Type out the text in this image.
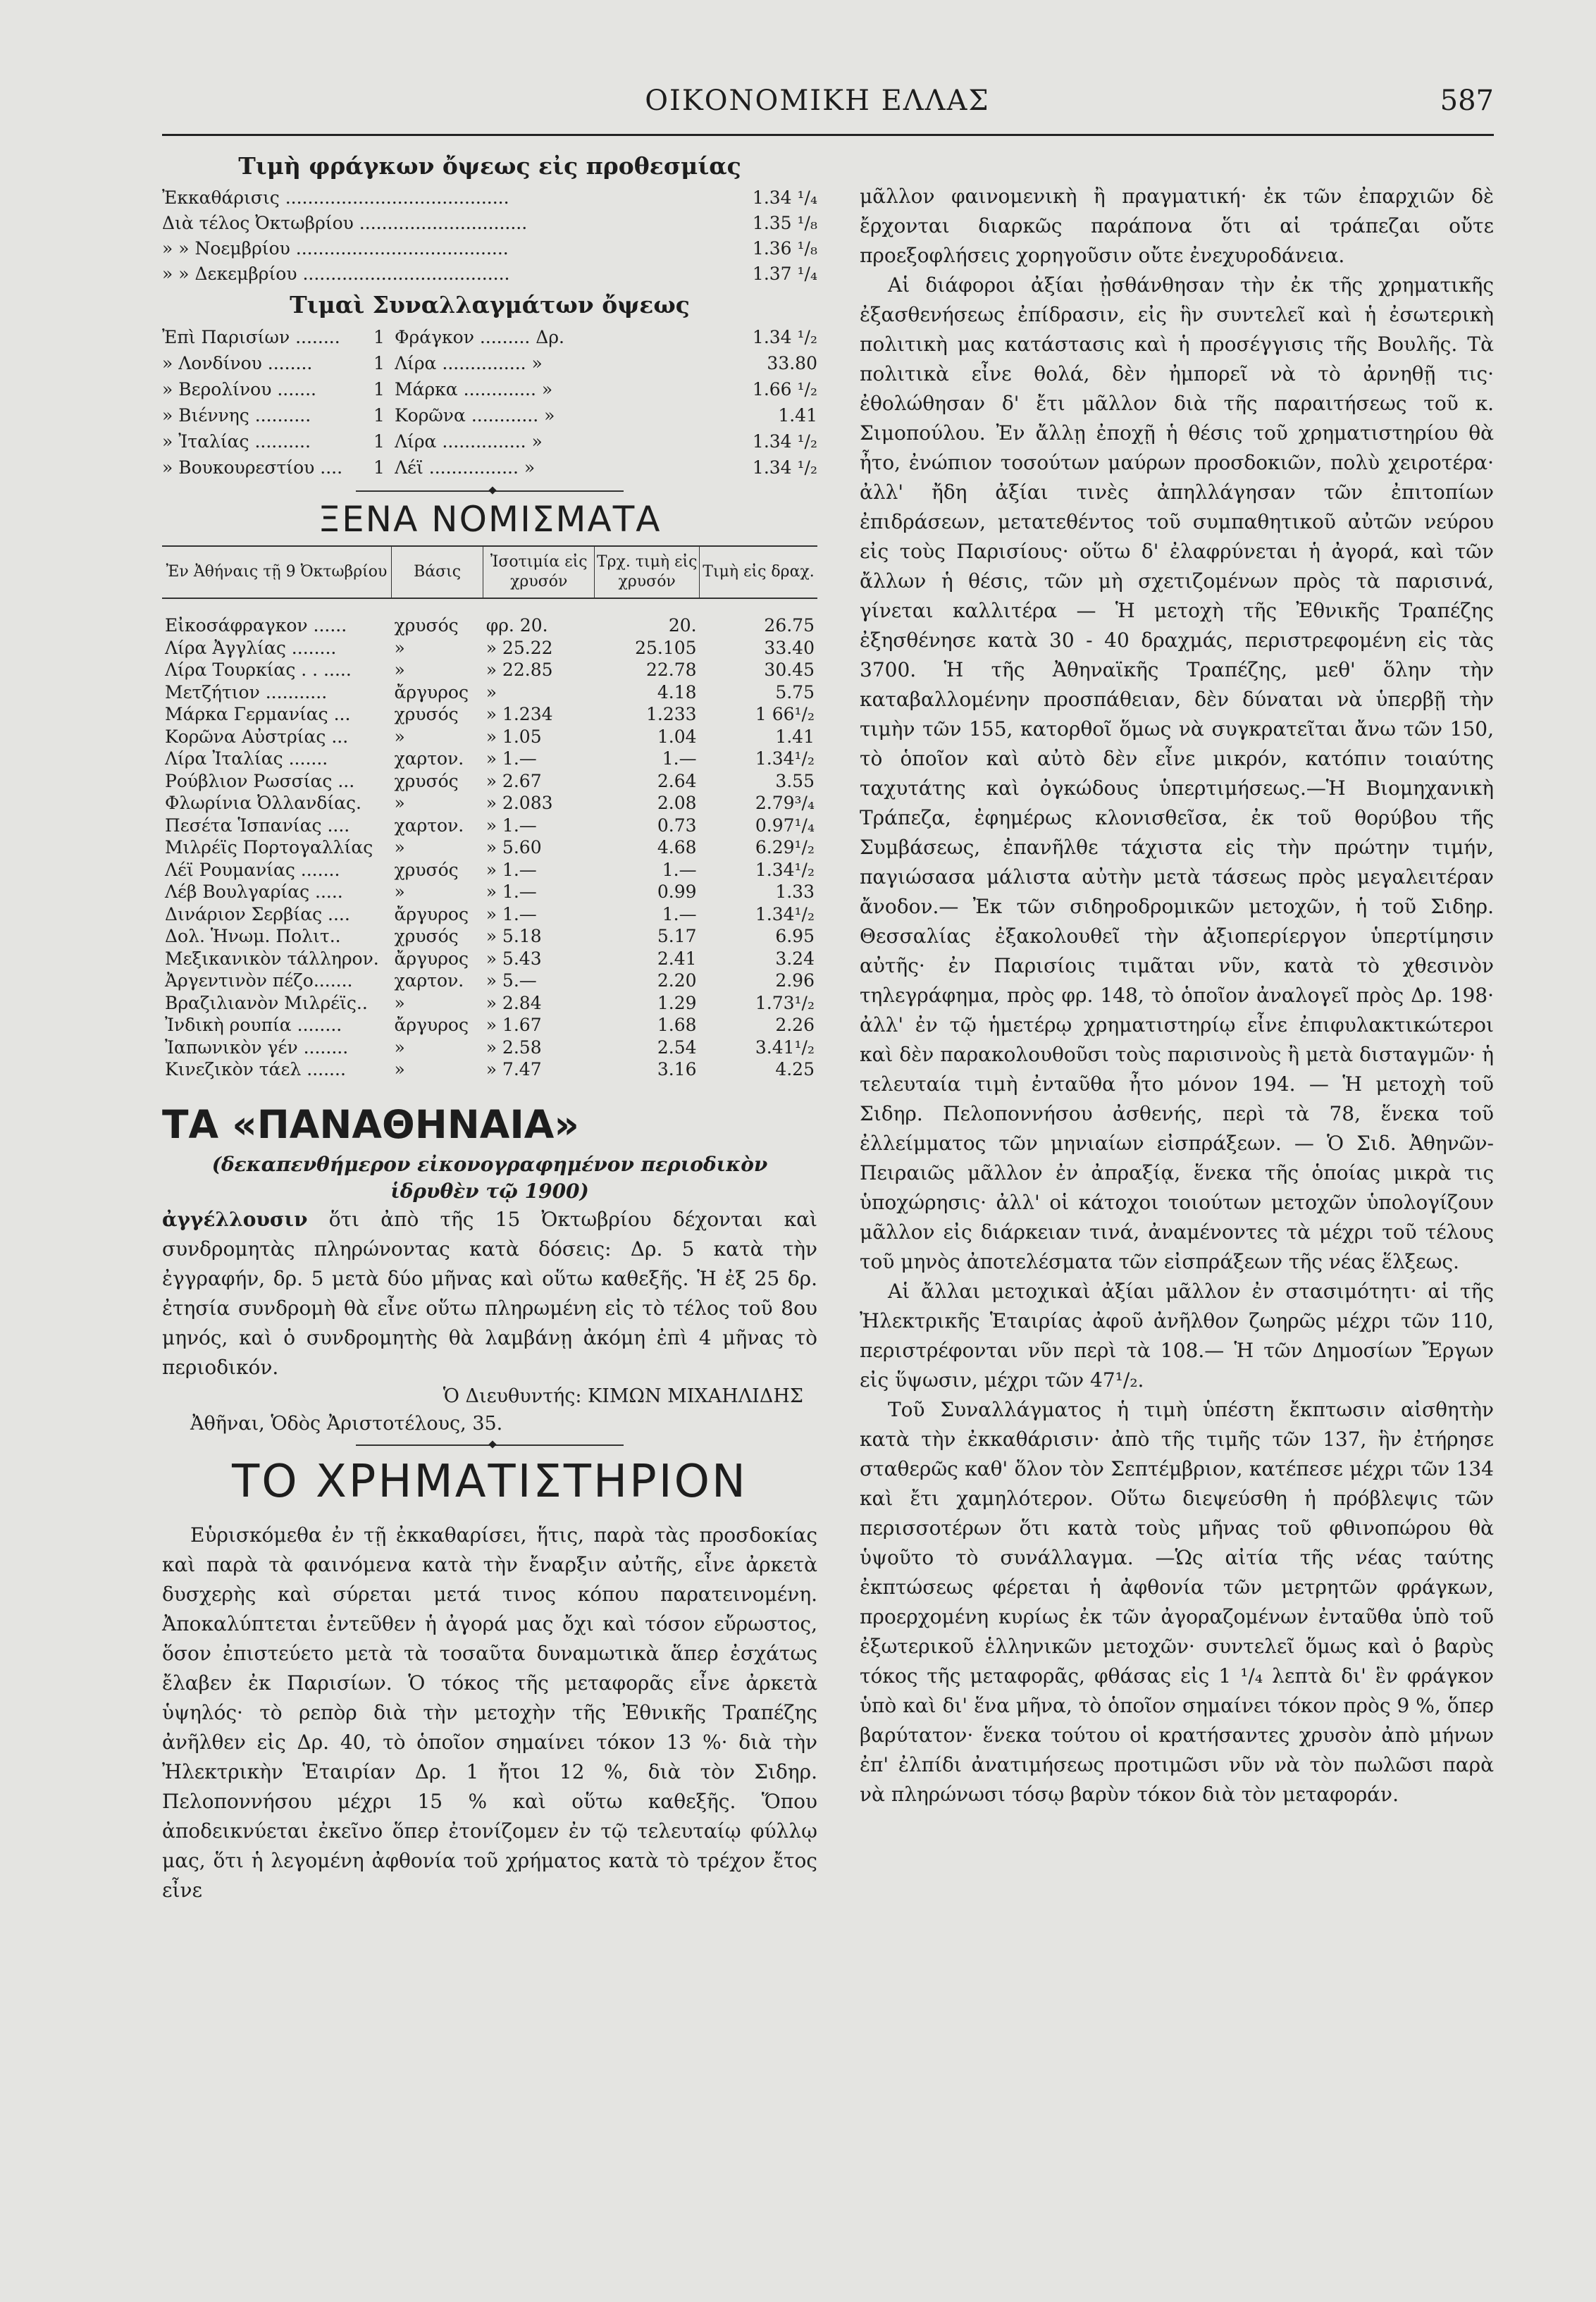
ΟΙΚΟΝΟΜΙΚΗ ΕΛΛΑΣ	587
Τιμὴ φράγκων ὄψεως εἰς προθεσμίας
Ἐκκαθάρισις ........................................	1.34 ¹/₄
Διὰ τέλος Ὀκτωβρίου ..............................	1.35 ¹/₈
» » Νοεμβρίου ......................................	1.36 ¹/₈
» » Δεκεμβρίου .....................................	1.37 ¹/₄
Τιμαὶ Συναλλαγμάτων ὄψεως
Ἐπὶ Παρισίων ........	1 Φράγκον ......... Δρ.	1.34 ¹/₂
» Λονδίνου ........	1 Λίρα ............... »	33.80
» Βερολίνου .......	1 Μάρκα ............. »	1.66 ¹/₂
» Βιέννης ..........	1 Κορῶνα ............ »	1.41
» Ἰταλίας ..........	1 Λίρα ............... »	1.34 ¹/₂
» Βουκουρεστίου ....	1 Λέϊ ................ »	1.34 ¹/₂
ΞΕΝΑ ΝΟΜΙΣΜΑΤΑ
Ἐν Ἀθήναις τῇ 9 Ὀκτωβρίου	Βάσις	Ἰσοτιμία εἰς χρυσόν	Τρχ. τιμὴ εἰς χρυσόν	Τιμὴ εἰς δραχ.
Εἰκοσάφραγκον ......	χρυσός	φρ. 20.	20.	26.75
Λίρα Ἀγγλίας ........	»	» 25.22	25.105	33.40
Λίρα Τουρκίας . . .....	»	» 22.85	22.78	30.45
Μετζήτιον ...........	ἄργυρος	»	4.18	5.75
Μάρκα Γερμανίας ...	χρυσός	» 1.234	1.233	1 66¹/₂
Κορῶνα Αὐστρίας ...	»	» 1.05	1.04	1.41
Λίρα Ἰταλίας .......	χαρτον.	» 1.—	1.—	1.34¹/₂
Ρούβλιον Ρωσσίας ...	χρυσός	» 2.67	2.64	3.55
Φλωρίνια Ὀλλανδίας.	»	» 2.083	2.08	2.79³/₄
Πεσέτα Ἱσπανίας ....	χαρτον.	» 1.—	0.73	0.97¹/₄
Μιλρέϊς Πορτογαλλίας	»	» 5.60	4.68	6.29¹/₂
Λέϊ Ρουμανίας .......	χρυσός	» 1.—	1.—	1.34¹/₂
Λέβ Βουλγαρίας .....	»	» 1.—	0.99	1.33
Δινάριον Σερβίας ....	ἄργυρος	» 1.—	1.—	1.34¹/₂
Δολ. Ἡνωμ. Πολιτ..	χρυσός	» 5.18	5.17	6.95
Μεξικανικὸν τάλληρον.	ἄργυρος	» 5.43	2.41	3.24
Ἀργεντινὸν πέζο.......	χαρτον.	» 5.—	2.20	2.96
Βραζιλιανὸν Μιλρέϊς..	»	» 2.84	1.29	1.73¹/₂
Ἰνδικὴ ρουπία ........	ἄργυρος	» 1.67	1.68	2.26
Ἰαπωνικὸν γέν ........	»	» 2.58	2.54	3.41¹/₂
Κινεζικὸν τάελ .......	»	» 7.47	3.16	4.25
ΤΑ «ΠΑΝΑΘΗΝΑΙΑ»
(δεκαπενθήμερον εἰκονογραφημένον περιοδικὸν
ἱδρυθὲν τῷ 1900)

ἀγγέλλουσιν ὅτι ἀπὸ τῆς 15 Ὀκτωβρίου δέχονται καὶ συνδρομητὰς πληρώνοντας κατὰ δόσεις: Δρ. 5 κατὰ τὴν ἐγγραφήν, δρ. 5 μετὰ δύο μῆνας καὶ οὕτω καθεξῆς. Ἡ ἐξ 25 δρ. ἐτησία συνδρομὴ θὰ εἶνε οὕτω πληρωμένη εἰς τὸ τέλος τοῦ 8ου μηνός, καὶ ὁ συνδρομητὴς θὰ λαμβάνῃ ἀκόμη ἐπὶ 4 μῆνας τὸ περιοδικόν.

Ὁ Διευθυντής: ΚΙΜΩΝ ΜΙΧΑΗΛΙΔΗΣ
Ἀθῆναι, Ὁδὸς Ἀριστοτέλους, 35.
ΤΟ ΧΡΗΜΑΤΙΣΤΗΡΙΟΝ

Εὑρισκόμεθα ἐν τῇ ἐκκαθαρίσει, ἥτις, παρὰ τὰς προσδοκίας καὶ παρὰ τὰ φαινόμενα κατὰ τὴν ἔναρξιν αὐτῆς, εἶνε ἀρκετὰ δυσχερὴς καὶ σύρεται μετά τινος κόπου παρατεινομένη. Ἀποκαλύπτεται ἐντεῦθεν ἡ ἀγορά μας ὄχι καὶ τόσον εὔρωστος, ὅσον ἐπιστεύετο μετὰ τὰ τοσαῦτα δυναμωτικὰ ἅπερ ἐσχάτως ἔλαβεν ἐκ Παρισίων. Ὁ τόκος τῆς μεταφορᾶς εἶνε ἀρκετὰ ὑψηλός· τὸ ρεπὸρ διὰ τὴν μετοχὴν τῆς Ἐθνικῆς Τραπέζης ἀνῆλθεν εἰς Δρ. 40, τὸ ὁποῖον σημαίνει τόκον 13 %· διὰ τὴν Ἠλεκτρικὴν Ἑταιρίαν Δρ. 1 ἤτοι 12 %, διὰ τὸν Σιδηρ. Πελοποννήσου μέχρι 15 % καὶ οὕτω καθεξῆς. Ὅπου ἀποδεικνύεται ἐκεῖνο ὅπερ ἐτονίζομεν ἐν τῷ τελευταίῳ φύλλῳ μας, ὅτι ἡ λεγομένη ἀφθονία τοῦ χρήματος κατὰ τὸ τρέχον ἔτος εἶνε

μᾶλλον φαινομενικὴ ἢ πραγματική· ἐκ τῶν ἐπαρχιῶν δὲ ἔρχονται διαρκῶς παράπονα ὅτι αἱ τράπεζαι οὔτε προεξοφλήσεις χορηγοῦσιν οὔτε ἐνεχυροδάνεια.

Αἱ διάφοροι ἀξίαι ᾐσθάνθησαν τὴν ἐκ τῆς χρηματικῆς ἐξασθενήσεως ἐπίδρασιν, εἰς ἣν συντελεῖ καὶ ἡ ἐσωτερικὴ πολιτικὴ μας κατάστασις καὶ ἡ προσέγγισις τῆς Βουλῆς. Τὰ πολιτικὰ εἶνε θολά, δὲν ἠμπορεῖ νὰ τὸ ἀρνηθῇ τις· ἐθολώθησαν δ' ἔτι μᾶλλον διὰ τῆς παραιτήσεως τοῦ κ. Σιμοπούλου. Ἐν ἄλλῃ ἐποχῇ ἡ θέσις τοῦ χρηματιστηρίου θὰ ἦτο, ἐνώπιον τοσούτων μαύρων προσδοκιῶν, πολὺ χειροτέρα· ἀλλ' ἤδη ἀξίαι τινὲς ἀπηλλάγησαν τῶν ἐπιτοπίων ἐπιδράσεων, μετατεθέντος τοῦ συμπαθητικοῦ αὐτῶν νεύρου εἰς τοὺς Παρισίους· οὕτω δ' ἐλαφρύνεται ἡ ἀγορά, καὶ τῶν ἄλλων ἡ θέσις, τῶν μὴ σχετιζομένων πρὸς τὰ παρισινά, γίνεται καλλιτέρα — Ἡ μετοχὴ τῆς Ἐθνικῆς Τραπέζης ἐξησθένησε κατὰ 30 - 40 δραχμάς, περιστρεφομένη εἰς τὰς 3700. Ἡ τῆς Ἀθηναϊκῆς Τραπέζης, μεθ' ὅλην τὴν καταβαλλομένην προσπάθειαν, δὲν δύναται νὰ ὑπερβῇ τὴν τιμὴν τῶν 155, κατορθοῖ ὅμως νὰ συγκρατεῖται ἄνω τῶν 150, τὸ ὁποῖον καὶ αὐτὸ δὲν εἶνε μικρόν, κατόπιν τοιαύτης ταχυτάτης καὶ ὀγκώδους ὑπερτιμήσεως.—Ἡ Βιομηχανικὴ Τράπεζα, ἐφημέρως κλονισθεῖσα, ἐκ τοῦ θορύβου τῆς Συμβάσεως, ἐπανῆλθε τάχιστα εἰς τὴν πρώτην τιμήν, παγιώσασα μάλιστα αὐτὴν μετὰ τάσεως πρὸς μεγαλειτέραν ἄνοδον.— Ἐκ τῶν σιδηροδρομικῶν μετοχῶν, ἡ τοῦ Σιδηρ. Θεσσαλίας ἐξακολουθεῖ τὴν ἀξιοπερίεργον ὑπερτίμησιν αὐτῆς· ἐν Παρισίοις τιμᾶται νῦν, κατὰ τὸ χθεσινὸν τηλεγράφημα, πρὸς φρ. 148, τὸ ὁποῖον ἀναλογεῖ πρὸς Δρ. 198· ἀλλ' ἐν τῷ ἡμετέρῳ χρηματιστηρίῳ εἶνε ἐπιφυλακτικώτεροι καὶ δὲν παρακολουθοῦσι τοὺς παρισινοὺς ἢ μετὰ δισταγμῶν· ἡ τελευταία τιμὴ ἐνταῦθα ἦτο μόνον 194. — Ἡ μετοχὴ τοῦ Σιδηρ. Πελοποννήσου ἀσθενής, περὶ τὰ 78, ἕνεκα τοῦ ἐλλείμματος τῶν μηνιαίων εἰσπράξεων. — Ὁ Σιδ. Ἀθηνῶν-Πειραιῶς μᾶλλον ἐν ἀπραξίᾳ, ἕνεκα τῆς ὁποίας μικρὰ τις ὑποχώρησις· ἀλλ' οἱ κάτοχοι τοιούτων μετοχῶν ὑπολογίζουν μᾶλλον εἰς διάρκειαν τινά, ἀναμένοντες τὰ μέχρι τοῦ τέλους τοῦ μηνὸς ἀποτελέσματα τῶν εἰσπράξεων τῆς νέας ἕλξεως.

Αἱ ἄλλαι μετοχικαὶ ἀξίαι μᾶλλον ἐν στασιμότητι· αἱ τῆς Ἠλεκτρικῆς Ἑταιρίας ἀφοῦ ἀνῆλθον ζωηρῶς μέχρι τῶν 110, περιστρέφονται νῦν περὶ τὰ 108.— Ἡ τῶν Δημοσίων Ἔργων εἰς ὕψωσιν, μέχρι τῶν 47¹/₂.

Τοῦ Συναλλάγματος ἡ τιμὴ ὑπέστη ἔκπτωσιν αἰσθητὴν κατὰ τὴν ἐκκαθάρισιν· ἀπὸ τῆς τιμῆς τῶν 137, ἣν ἐτήρησε σταθερῶς καθ' ὅλον τὸν Σεπτέμβριον, κατέπεσε μέχρι τῶν 134 καὶ ἔτι χαμηλότερον. Οὕτω διεψεύσθη ἡ πρόβλεψις τῶν περισσοτέρων ὅτι κατὰ τοὺς μῆνας τοῦ φθινοπώρου θὰ ὑψοῦτο τὸ συνάλλαγμα. —Ὡς αἰτία τῆς νέας ταύτης ἐκπτώσεως φέρεται ἡ ἀφθονία τῶν μετρητῶν φράγκων, προερχομένη κυρίως ἐκ τῶν ἀγοραζομένων ἐνταῦθα ὑπὸ τοῦ ἐξωτερικοῦ ἑλληνικῶν μετοχῶν· συντελεῖ ὅμως καὶ ὁ βαρὺς τόκος τῆς μεταφορᾶς, φθάσας εἰς 1 ¹/₄ λεπτὰ δι' ἓν φράγκον ὑπὸ καὶ δι' ἕνα μῆνα, τὸ ὁποῖον σημαίνει τόκον πρὸς 9 %, ὅπερ βαρύτατον· ἕνεκα τούτου οἱ κρατήσαντες χρυσὸν ἀπὸ μήνων ἐπ' ἐλπίδι ἀνατιμήσεως προτιμῶσι νῦν νὰ τὸν πωλῶσι παρὰ νὰ πληρώνωσι τόσῳ βαρὺν τόκον διὰ τὸν μεταφοράν.
